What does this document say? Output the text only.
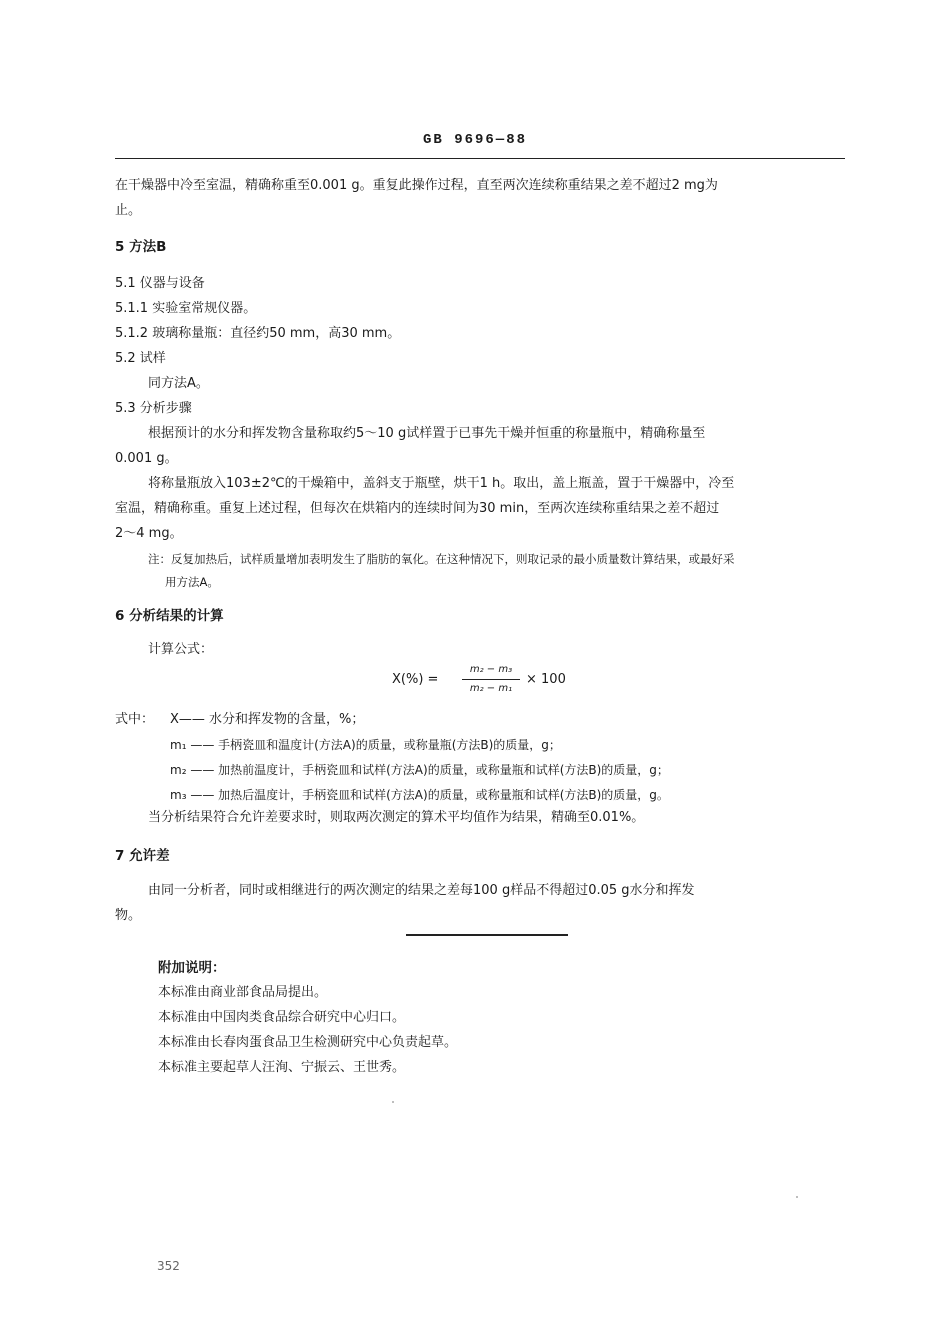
GB 9696—88
在干燥器中冷至室温，精确称重至0.001 g。重复此操作过程，直至两次连续称重结果之差不超过2 mg为
止。
5 方法B
5.1 仪器与设备
5.1.1 实验室常规仪器。
5.1.2 玻璃称量瓶：直径约50 mm，高30 mm。
5.2 试样
同方法A。
5.3 分析步骤
根据预计的水分和挥发物含量称取约5～10 g试样置于已事先干燥并恒重的称量瓶中，精确称量至
0.001 g。
将称量瓶放入103±2℃的干燥箱中，盖斜支于瓶壁，烘干1 h。取出，盖上瓶盖，置于干燥器中，冷至
室温，精确称重。重复上述过程，但每次在烘箱内的连续时间为30 min，至两次连续称重结果之差不超过
2～4 mg。
注：反复加热后，试样质量增加表明发生了脂肪的氧化。在这种情况下，则取记录的最小质量数计算结果，或最好采
用方法A。
6 分析结果的计算
计算公式：
X(%) =
m₂ − m₃
m₂ − m₁
× 100
式中： X—— 水分和挥发物的含量，%；
m₁ —— 手柄瓷皿和温度计(方法A)的质量，或称量瓶(方法B)的质量，g；
m₂ —— 加热前温度计，手柄瓷皿和试样(方法A)的质量，或称量瓶和试样(方法B)的质量，g；
m₃ —— 加热后温度计，手柄瓷皿和试样(方法A)的质量，或称量瓶和试样(方法B)的质量，g。
当分析结果符合允许差要求时，则取两次测定的算术平均值作为结果，精确至0.01%。
7 允许差
由同一分析者，同时或相继进行的两次测定的结果之差每100 g样品不得超过0.05 g水分和挥发
物。
附加说明：
本标准由商业部食品局提出。
本标准由中国肉类食品综合研究中心归口。
本标准由长春肉蛋食品卫生检测研究中心负责起草。
本标准主要起草人汪洵、宁振云、王世秀。
352
